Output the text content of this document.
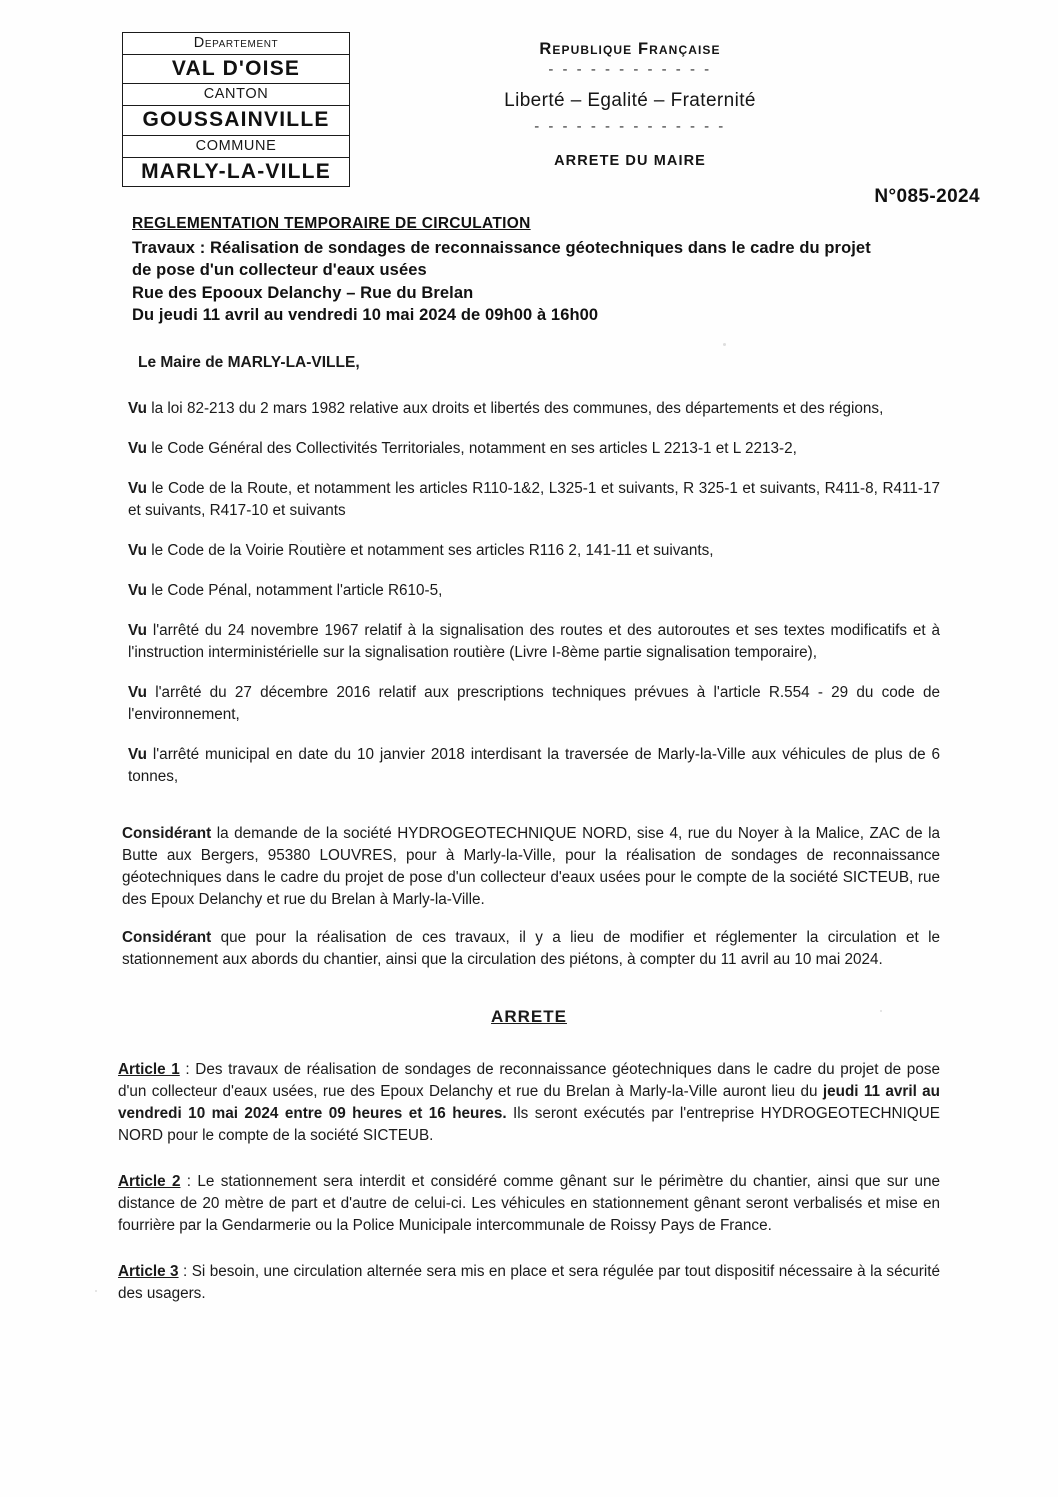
Departement
VAL D'OISE
CANTON
GOUSSAINVILLE
COMMUNE
MARLY-LA-VILLE
Republique Française
- - - - - - - - - - - -
Liberté – Egalité – Fraternité
- - - - - - - - - - - - - -
ARRETE DU MAIRE
N°085-2024
REGLEMENTATION TEMPORAIRE DE CIRCULATION
Travaux : Réalisation de sondages de reconnaissance géotechniques dans le cadre du projet
de pose d'un collecteur d'eaux usées
Rue des Epooux Delanchy – Rue du Brelan
Du jeudi 11 avril au vendredi 10 mai 2024 de 09h00 à 16h00
Le Maire de MARLY-LA-VILLE,

Vu la loi 82-213 du 2 mars 1982 relative aux droits et libertés des communes, des départements et des régions,

Vu le Code Général des Collectivités Territoriales, notamment en ses articles L 2213-1 et L 2213-2,

Vu le Code de la Route, et notamment les articles R110-1&2, L325-1 et suivants, R 325-1 et suivants, R411-8, R411-17 et suivants, R417-10 et suivants

Vu le Code de la Voirie Routière et notamment ses articles R116 2, 141-11 et suivants,

Vu le Code Pénal, notamment l'article R610-5,

Vu l'arrêté du 24 novembre 1967 relatif à la signalisation des routes et des autoroutes et ses textes modificatifs et à l'instruction interministérielle sur la signalisation routière (Livre I-8ème partie signalisation temporaire),

Vu l'arrêté du 27 décembre 2016 relatif aux prescriptions techniques prévues à l'article R.554 - 29 du code de l'environnement,

Vu l'arrêté municipal en date du 10 janvier 2018 interdisant la traversée de Marly-la-Ville aux véhicules de plus de 6 tonnes,

Considérant la demande de la société HYDROGEOTECHNIQUE NORD, sise 4, rue du Noyer à la Malice, ZAC de la Butte aux Bergers, 95380 LOUVRES, pour à Marly-la-Ville, pour la réalisation de sondages de reconnaissance géotechniques dans le cadre du projet de pose d'un collecteur d'eaux usées pour le compte de la société SICTEUB, rue des Epoux Delanchy et rue du Brelan à Marly-la-Ville.

Considérant que pour la réalisation de ces travaux, il y a lieu de modifier et réglementer la circulation et le stationnement aux abords du chantier, ainsi que la circulation des piétons, à compter du 11 avril au 10 mai 2024.

ARRETE

Article 1 : Des travaux de réalisation de sondages de reconnaissance géotechniques dans le cadre du projet de pose d'un collecteur d'eaux usées, rue des Epoux Delanchy et rue du Brelan à Marly-la-Ville auront lieu du jeudi 11 avril au vendredi 10 mai 2024 entre 09 heures et 16 heures. Ils seront exécutés par l'entreprise HYDROGEOTECHNIQUE NORD pour le compte de la société SICTEUB.

Article 2 : Le stationnement sera interdit et considéré comme gênant sur le périmètre du chantier, ainsi que sur une distance de 20 mètre de part et d'autre de celui-ci. Les véhicules en stationnement gênant seront verbalisés et mise en fourrière par la Gendarmerie ou la Police Municipale intercommunale de Roissy Pays de France.

Article 3 : Si besoin, une circulation alternée sera mis en place et sera régulée par tout dispositif nécessaire à la sécurité des usagers.
